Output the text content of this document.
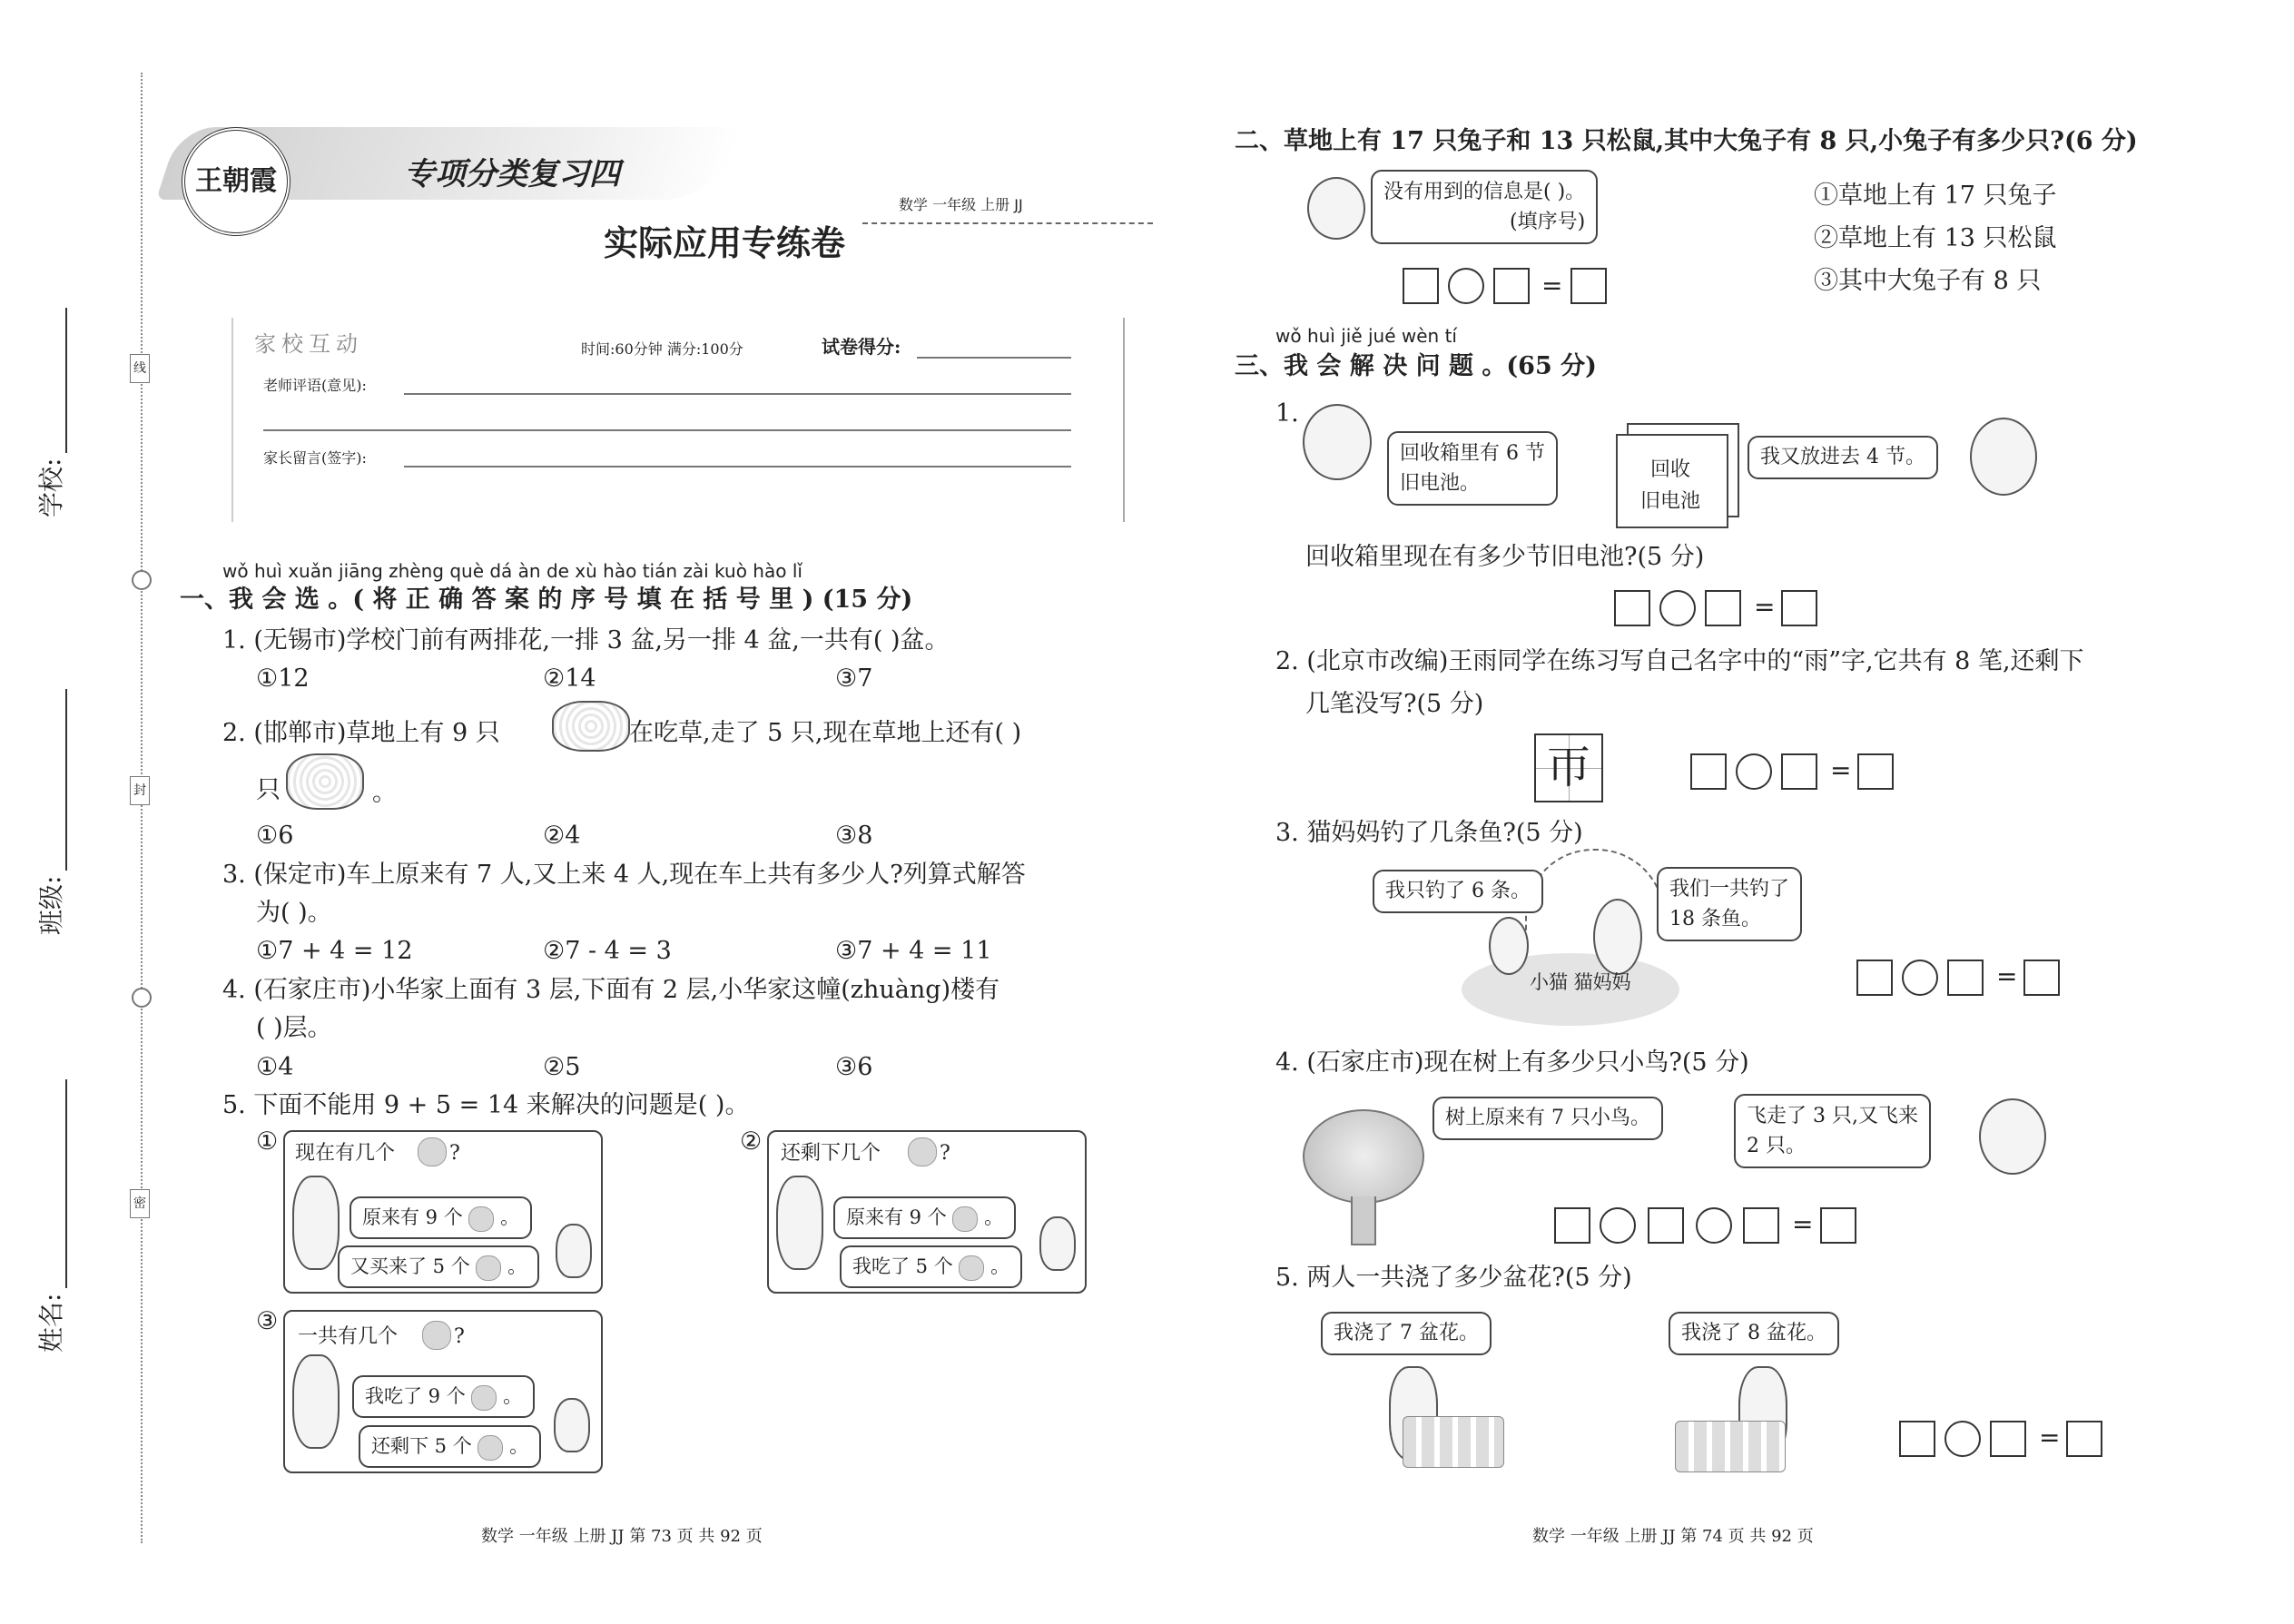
线
封
密
学校:
班级:
姓名:
王朝霞	专项分类复习四
数学 一年级 上册 JJ
实际应用专练卷
家校互动	时间:60分钟 满分:100分	试卷得分:
老师评语(意见):
家长留言(签字):
wǒ huì xuǎn jiāng zhèng què dá àn de xù hào tián zài kuò hào lǐ
一、我 会 选 。( 将 正 确 答 案 的 序 号 填 在 括 号 里 ) (15 分)
1. (无锡市)学校门前有两排花,一排 3 盆,另一排 4 盆,一共有( )盆。
①12	②14	③7
2. (邯郸市)草地上有 9 只	在吃草,走了 5 只,现在草地上还有( )
只	。
①6	②4	③8
3. (保定市)车上原来有 7 人,又上来 4 人,现在车上共有多少人?列算式解答
为( )。
①7 + 4 = 12	②7 - 4 = 3	③7 + 4 = 11
4. (石家庄市)小华家上面有 3 层,下面有 2 层,小华家这幢(zhuàng)楼有
( )层。
①4	②5	③6
5. 下面不能用 9 + 5 = 14 来解决的问题是( )。
① 现在有几个	?
原来有 9 个 。
又买来了 5 个 。
② 还剩下几个	?
原来有 9 个 。
我吃了 5 个 。
③
一共有几个	?
我吃了 9 个 。
还剩下 5 个 。
数学 一年级 上册 JJ 第 73 页 共 92 页
二、草地上有 17 只兔子和 13 只松鼠,其中大兔子有 8 只,小兔子有多少只?(6 分)
没有用到的信息是( )。
(填序号)
①草地上有 17 只兔子
②草地上有 13 只松鼠
③其中大兔子有 8 只
=
wǒ huì jiě jué wèn tí
三、我 会 解 决 问 题 。(65 分)
1.
回收箱里有 6 节
旧电池。
回收
旧电池
我又放进去 4 节。
回收箱里现在有多少节旧电池?(5 分)
=
2. (北京市改编)王雨同学在练习写自己名字中的“雨”字,它共有 8 笔,还剩下
几笔没写?(5 分)
帀	=
3. 猫妈妈钓了几条鱼?(5 分)
我只钓了 6 条。	我们一共钓了
18 条鱼。
小猫 猫妈妈	=
4. (石家庄市)现在树上有多少只小鸟?(5 分)
树上原来有 7 只小鸟。	飞走了 3 只,又飞来
2 只。
=
5. 两人一共浇了多少盆花?(5 分)
我浇了 7 盆花。	我浇了 8 盆花。
=
数学 一年级 上册 JJ 第 74 页 共 92 页
